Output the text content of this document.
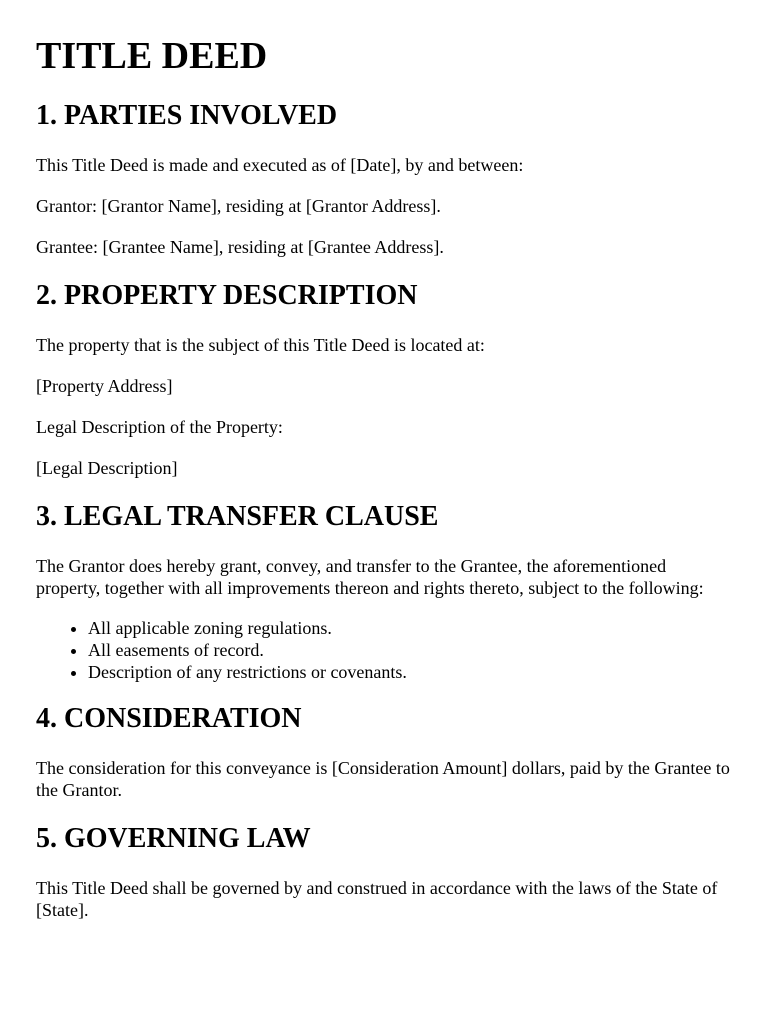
TITLE DEED
1. PARTIES INVOLVED

This Title Deed is made and executed as of [Date], by and between:

Grantor: [Grantor Name], residing at [Grantor Address].

Grantee: [Grantee Name], residing at [Grantee Address].

2. PROPERTY DESCRIPTION

The property that is the subject of this Title Deed is located at:

[Property Address]

Legal Description of the Property:

[Legal Description]

3. LEGAL TRANSFER CLAUSE

The Grantor does hereby grant, convey, and transfer to the Grantee, the aforementioned property, together with all improvements thereon and rights thereto, subject to the following:

• All applicable zoning regulations.
• All easements of record.
• Description of any restrictions or covenants.
4. CONSIDERATION

The consideration for this conveyance is [Consideration Amount] dollars, paid by the Grantee to the Grantor.

5. GOVERNING LAW

This Title Deed shall be governed by and construed in accordance with the laws of the State of [State].
